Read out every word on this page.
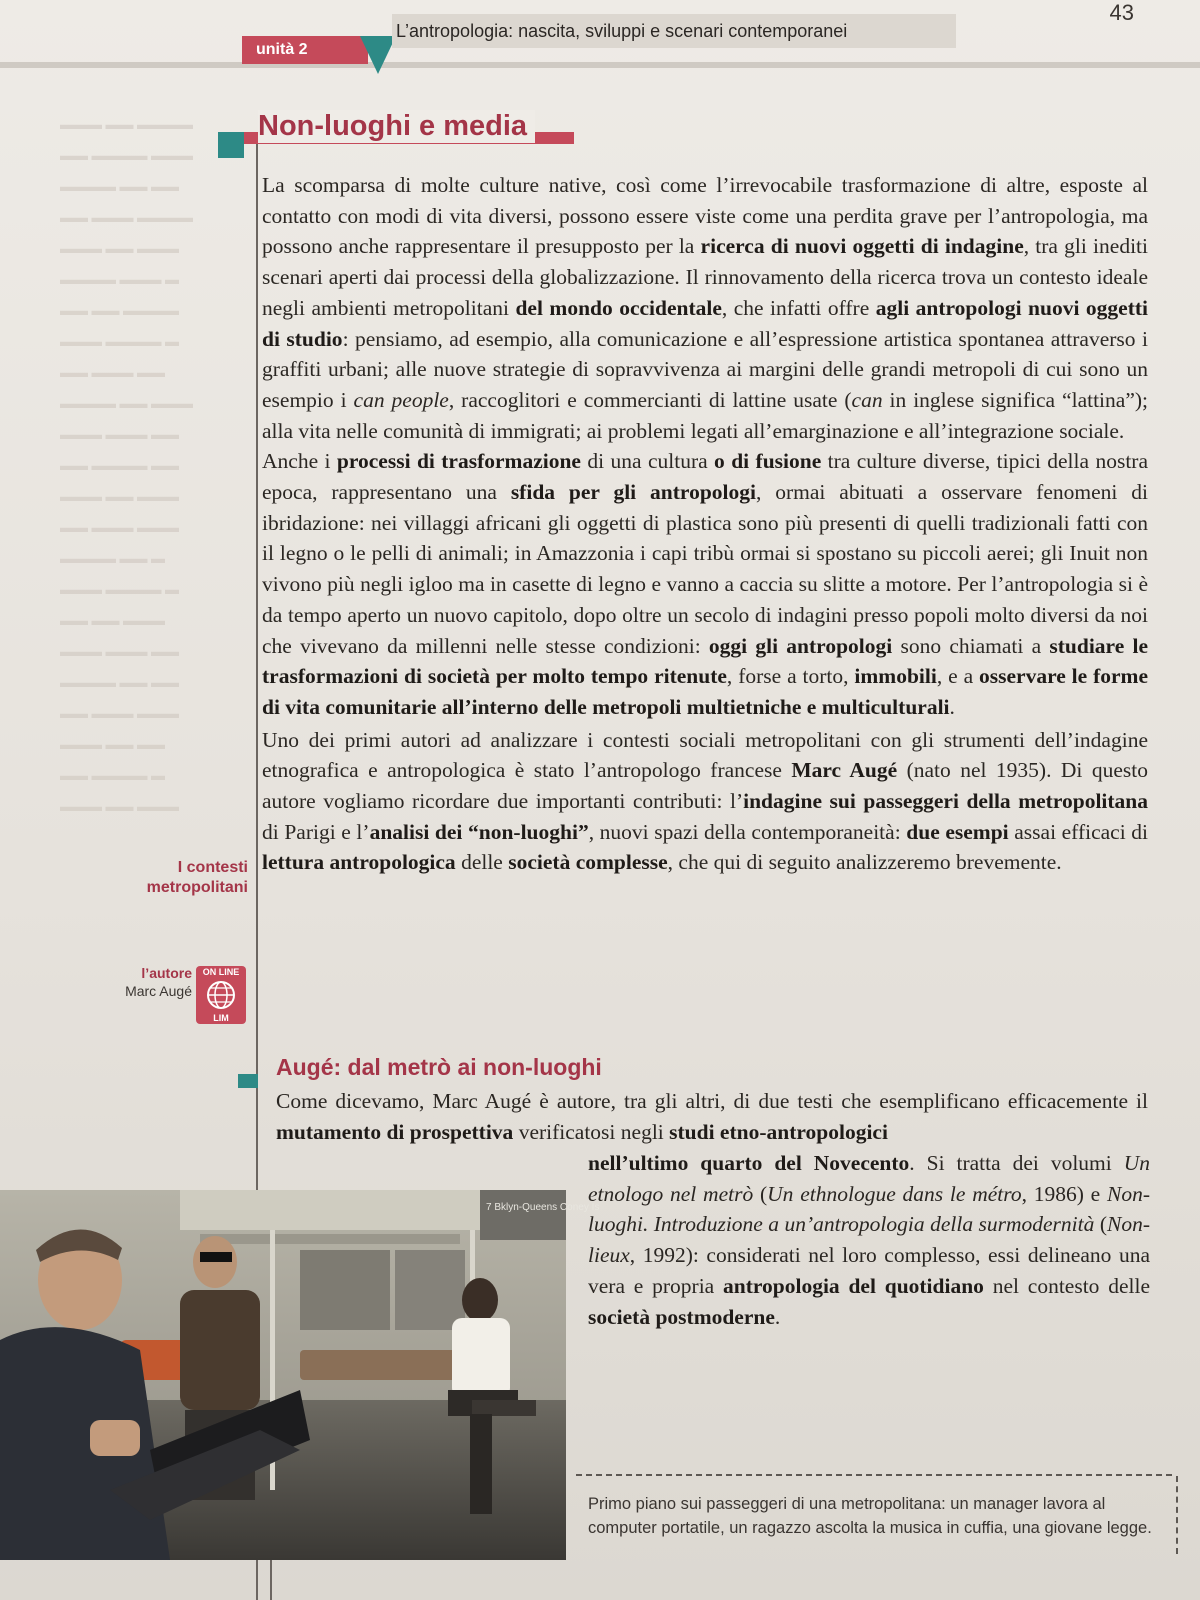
43
unità 2
L’antropologia: nascita, sviluppi e scenari contemporanei
▬▬▬ ▬▬ ▬▬▬▬
▬▬ ▬▬▬▬ ▬▬▬
▬▬▬▬ ▬▬ ▬▬
▬▬ ▬▬▬ ▬▬▬▬
▬▬▬ ▬▬ ▬▬▬
▬▬▬▬ ▬▬▬ ▬
▬▬ ▬▬ ▬▬▬▬
▬▬▬ ▬▬▬▬ ▬
▬▬ ▬▬▬ ▬▬
▬▬▬▬ ▬▬ ▬▬▬
▬▬▬ ▬▬▬ ▬▬
▬▬ ▬▬▬▬ ▬▬
▬▬▬ ▬▬ ▬▬▬
▬▬ ▬▬▬ ▬▬▬
▬▬▬▬ ▬▬ ▬
▬▬▬ ▬▬▬▬ ▬
▬▬ ▬▬ ▬▬▬
▬▬▬ ▬▬▬ ▬▬
▬▬▬▬ ▬▬ ▬▬
▬▬ ▬▬▬ ▬▬▬
▬▬▬ ▬▬ ▬▬
▬▬ ▬▬▬▬ ▬
▬▬▬ ▬▬ ▬▬▬
Non-luoghi e media

La scomparsa di molte culture native, così come l’irrevocabile trasformazione di altre, esposte al contatto con modi di vita diversi, possono essere viste come una perdita grave per l’antropologia, ma possono anche rappresentare il presupposto per la ricerca di nuovi oggetti di indagine, tra gli inediti scenari aperti dai processi della globalizzazione. Il rinnovamento della ricerca trova un contesto ideale negli ambienti metropolitani del mondo occidentale, che infatti offre agli antropologi nuovi oggetti di studio: pensiamo, ad esempio, alla comunicazione e all’espressione artistica spontanea attraverso i graffiti urbani; alle nuove strategie di sopravvivenza ai margini delle grandi metropoli di cui sono un esempio i can people, raccoglitori e commercianti di lattine usate (can in inglese significa “lattina”); alla vita nelle comunità di immigrati; ai problemi legati all’emarginazione e all’integrazione sociale.

Anche i processi di trasformazione di una cultura o di fusione tra culture diverse, tipici della nostra epoca, rappresentano una sfida per gli antropologi, ormai abituati a osservare fenomeni di ibridazione: nei villaggi africani gli oggetti di plastica sono più presenti di quelli tradizionali fatti con il legno o le pelli di animali; in Amazzonia i capi tribù ormai si spostano su piccoli aerei; gli Inuit non vivono più negli igloo ma in casette di legno e vanno a caccia su slitte a motore. Per l’antropologia si è da tempo aperto un nuovo capitolo, dopo oltre un secolo di indagini presso popoli molto diversi da noi che vivevano da millenni nelle stesse condizioni: oggi gli antropologi sono chiamati a studiare le trasformazioni di società per molto tempo ritenute, forse a torto, immobili, e a osservare le forme di vita comunitarie all’interno delle metropoli multietniche e multiculturali.

Uno dei primi autori ad analizzare i contesti sociali metropolitani con gli strumenti dell’indagine etnografica e antropologica è stato l’antropologo francese Marc Augé (nato nel 1935). Di questo autore vogliamo ricordare due importanti contributi: l’indagine sui passeggeri della metropolitana di Parigi e l’analisi dei “non-luoghi”, nuovi spazi della contemporaneità: due esempi assai efficaci di lettura antropologica delle società complesse, che qui di seguito analizzeremo brevemente.

I contesti metropolitani
l’autore
Marc Augé
ON LINE
LIM
Augé: dal metrò ai non-luoghi
Come dicevamo, Marc Augé è autore, tra gli altri, di due testi che esemplificano efficacemente il mutamento di prospettiva verificatosi negli studi etno-antropologici
nell’ultimo quarto del Novecento. Si tratta dei volumi Un etnologo nel metrò (Un ethnologue dans le métro, 1986) e Non-luoghi. Introduzione a un’antropologia della surmodernità (Non-lieux, 1992): considerati nel loro complesso, essi delineano una vera e propria antropologia del quotidiano nel contesto delle società postmoderne.
7 Bklyn-Queens Coney Is
Primo piano sui passeggeri di una metropolitana: un manager lavora al computer portatile, un ragazzo ascolta la musica in cuffia, una giovane legge.
